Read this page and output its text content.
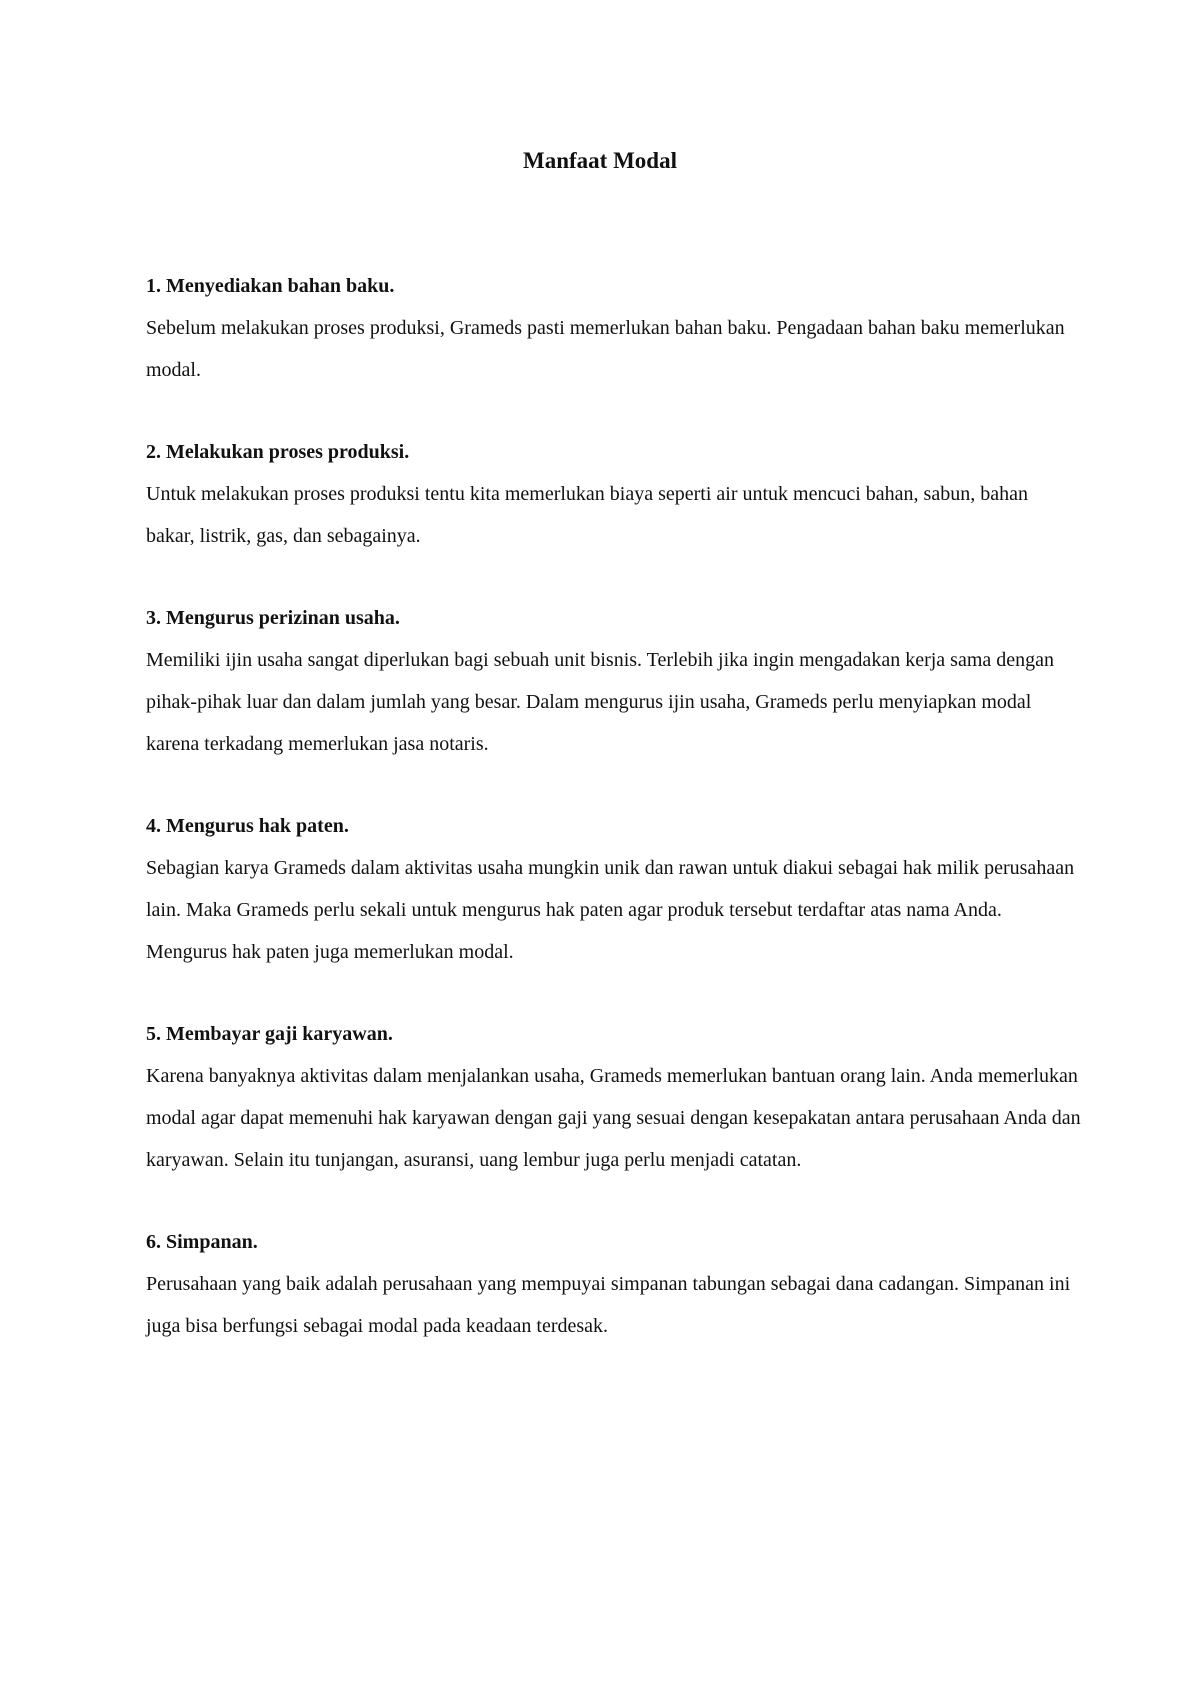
Manfaat Modal
1. Menyediakan bahan baku.

Sebelum melakukan proses produksi, Grameds pasti memerlukan bahan baku. Pengadaan bahan baku memerlukan modal.

2. Melakukan proses produksi.

Untuk melakukan proses produksi tentu kita memerlukan biaya seperti air untuk mencuci bahan, sabun, bahan bakar, listrik, gas, dan sebagainya.

3. Mengurus perizinan usaha.

Memiliki ijin usaha sangat diperlukan bagi sebuah unit bisnis. Terlebih jika ingin mengadakan kerja sama dengan pihak-pihak luar dan dalam jumlah yang besar. Dalam mengurus ijin usaha, Grameds perlu menyiapkan modal karena terkadang memerlukan jasa notaris.

4. Mengurus hak paten.

Sebagian karya Grameds dalam aktivitas usaha mungkin unik dan rawan untuk diakui sebagai hak milik perusahaan lain. Maka Grameds perlu sekali untuk mengurus hak paten agar produk tersebut terdaftar atas nama Anda. Mengurus hak paten juga memerlukan modal.

5. Membayar gaji karyawan.

Karena banyaknya aktivitas dalam menjalankan usaha, Grameds memerlukan bantuan orang lain. Anda memerlukan modal agar dapat memenuhi hak karyawan dengan gaji yang sesuai dengan kesepakatan antara perusahaan Anda dan karyawan. Selain itu tunjangan, asuransi, uang lembur juga perlu menjadi catatan.

6. Simpanan.

Perusahaan yang baik adalah perusahaan yang mempuyai simpanan tabungan sebagai dana cadangan. Simpanan ini juga bisa berfungsi sebagai modal pada keadaan terdesak.
